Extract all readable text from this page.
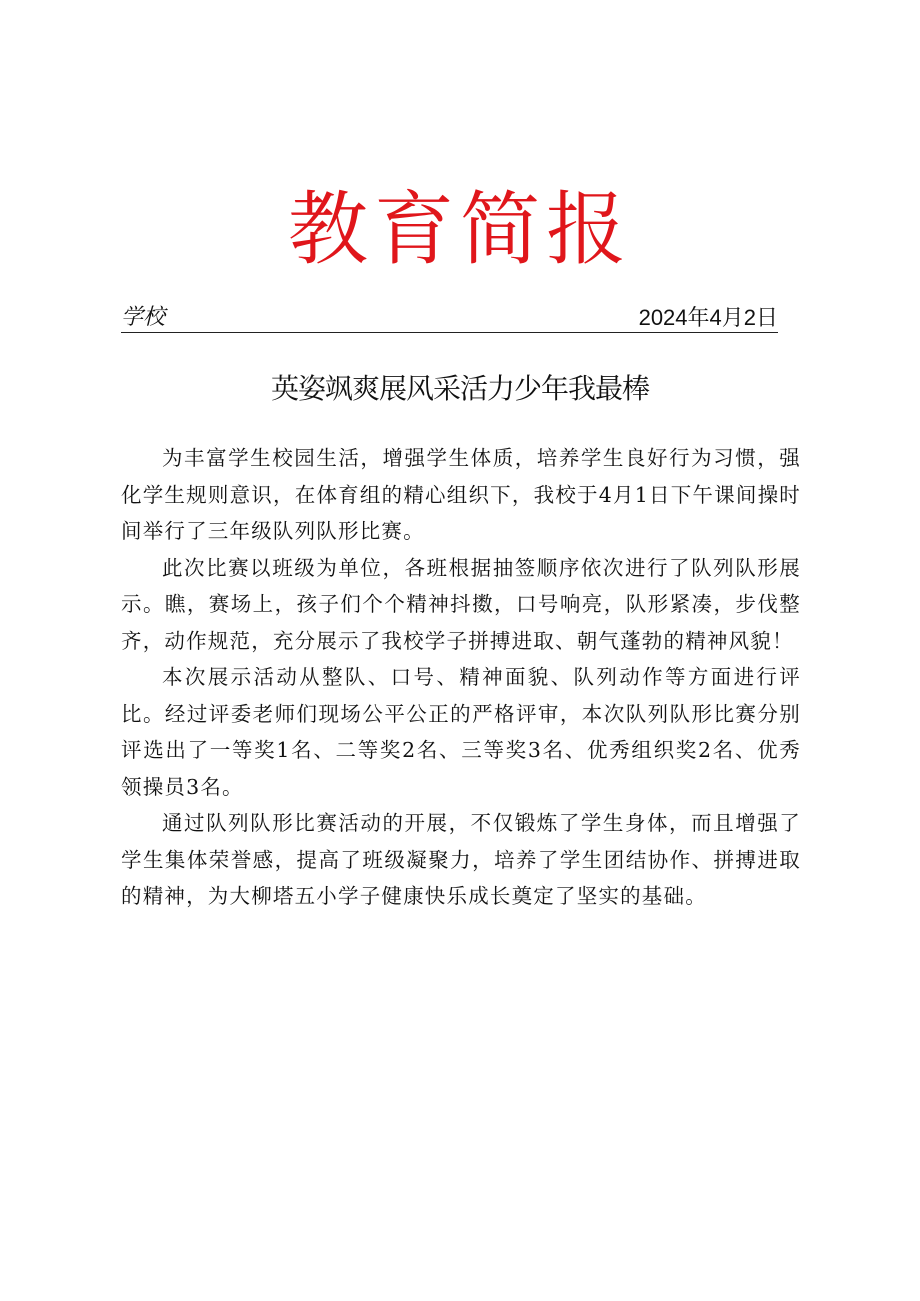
教育简报
学校	2024年4月2日
英姿飒爽展风采活力少年我最棒

为丰富学生校园生活，增强学生体质，培养学生良好行为习惯，强化学生规则意识，在体育组的精心组织下，我校于4月1日下午课间操时间举行了三年级队列队形比赛。

此次比赛以班级为单位，各班根据抽签顺序依次进行了队列队形展示。瞧，赛场上，孩子们个个精神抖擞，口号响亮，队形紧凑，步伐整齐，动作规范，充分展示了我校学子拼搏进取、朝气蓬勃的精神风貌！

本次展示活动从整队、口号、精神面貌、队列动作等方面进行评比。经过评委老师们现场公平公正的严格评审，本次队列队形比赛分别评选出了一等奖1名、二等奖2名、三等奖3名、优秀组织奖2名、优秀领操员3名。

通过队列队形比赛活动的开展，不仅锻炼了学生身体，而且增强了学生集体荣誉感，提高了班级凝聚力，培养了学生团结协作、拼搏进取的精神，为大柳塔五小学子健康快乐成长奠定了坚实的基础。
